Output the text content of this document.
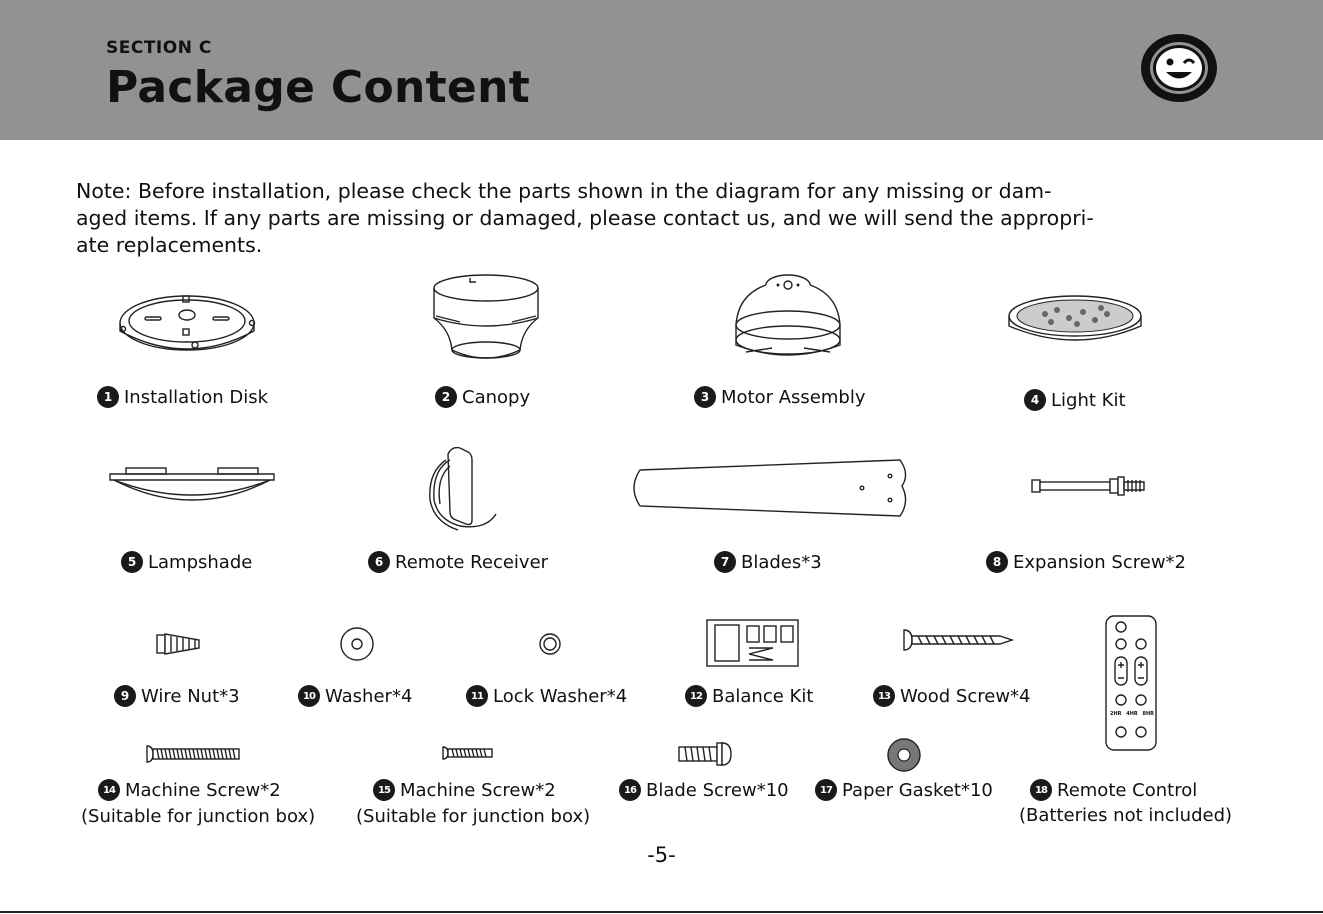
SECTION C
Package Content
Note: Before installation, please check the parts shown in the diagram for any missing or dam-
aged items. If any parts are missing or damaged, please contact us, and we will send the appropri-
ate replacements.
1 Installation Disk	2 Canopy	3 Motor Assembly	4 Light Kit
5 Lampshade	6 Remote Receiver	7 Blades*3	8 Expansion Screw*2
2HR 4HR 8HR
9 Wire Nut*3	10 Washer*4	11 Lock Washer*4	12 Balance Kit	13 Wood Screw*4
14 Machine Screw*2
(Suitable for junction box)
15 Machine Screw*2
(Suitable for junction box)
16 Blade Screw*10	17 Paper Gasket*10	18 Remote Control
(Batteries not included)
-5-
